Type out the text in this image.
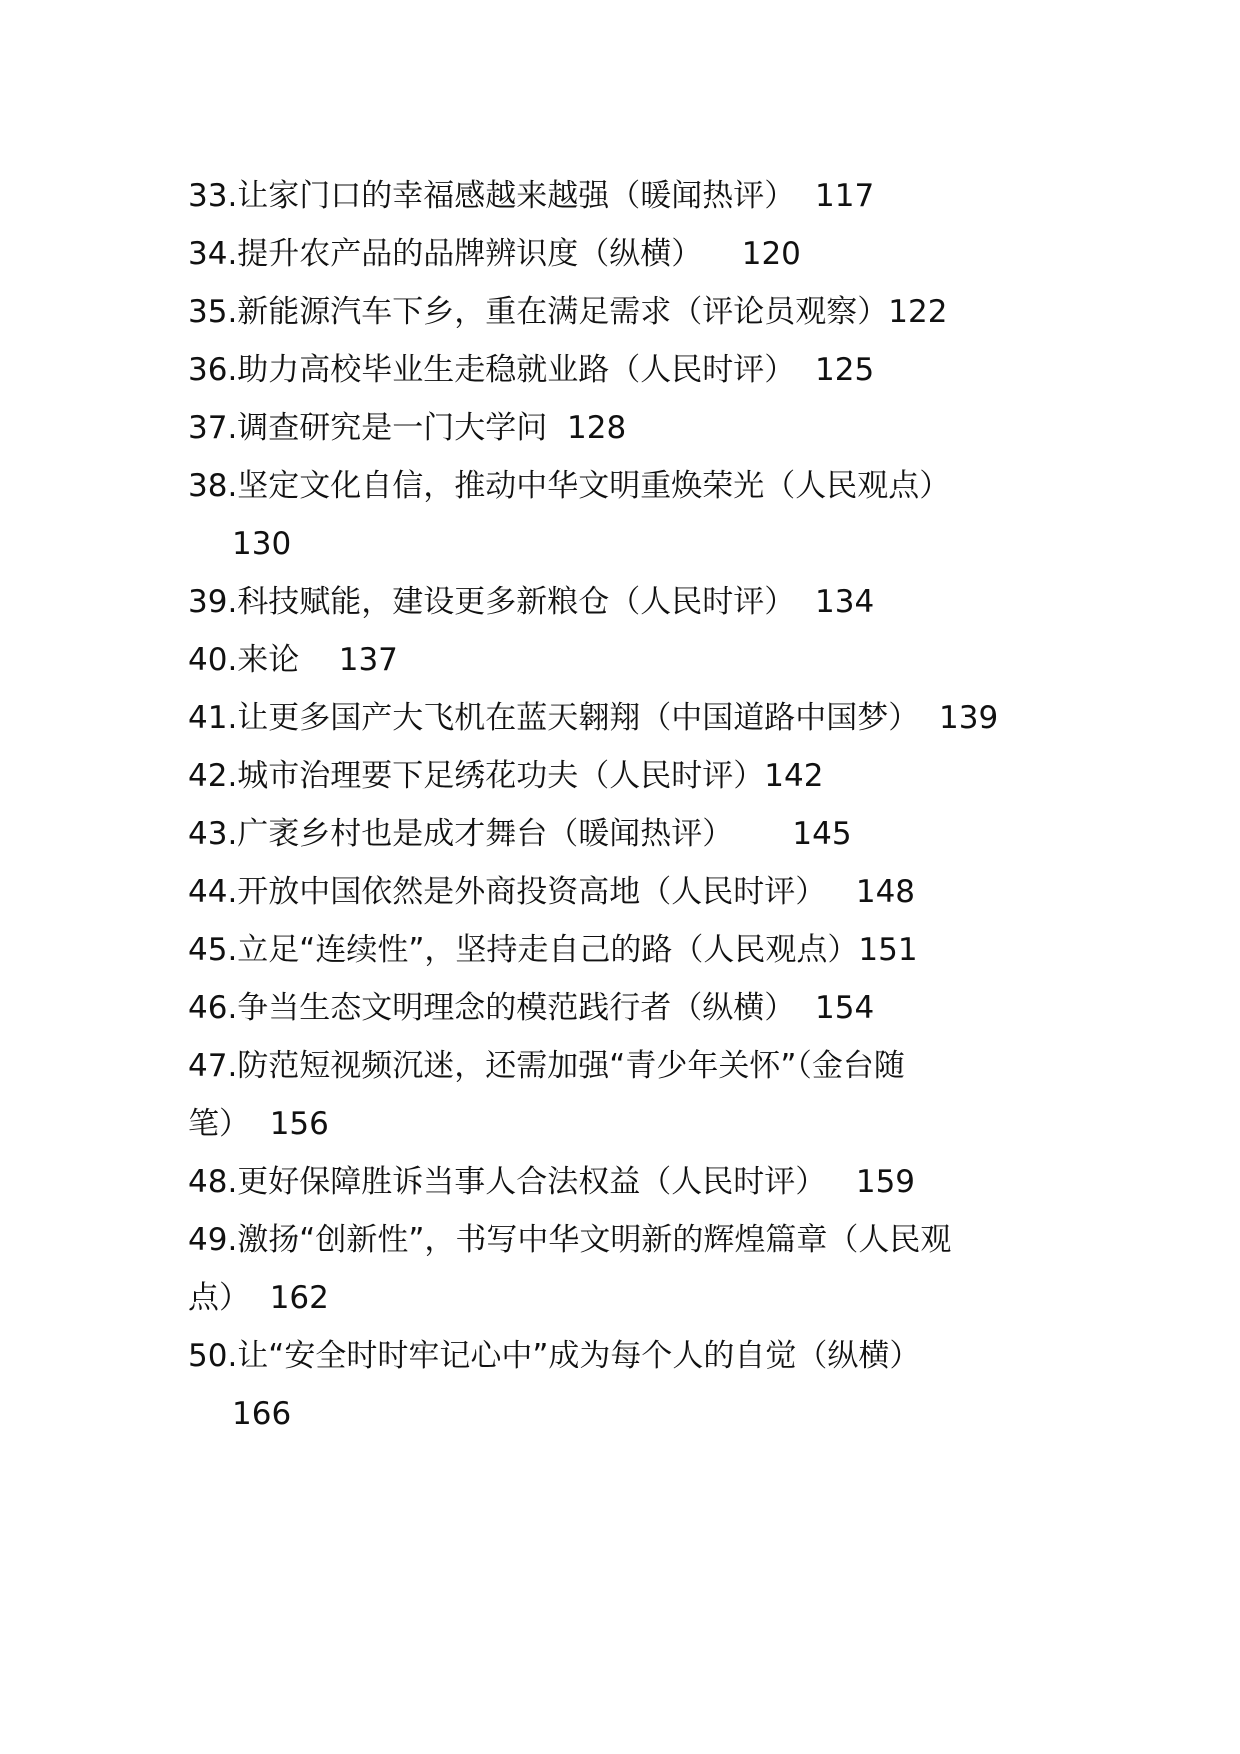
33.让家门口的幸福感越来越强（暖闻热评）  117
34.提升农产品的品牌辨识度（纵横）    120
35.新能源汽车下乡，重在满足需求（评论员观察）122
36.助力高校毕业生走稳就业路（人民时评）  125
37.调查研究是一门大学问  128
38.坚定文化自信，推动中华文明重焕荣光（人民观点）
130
39.科技赋能，建设更多新粮仓（人民时评）  134
40.来论    137
41.让更多国产大飞机在蓝天翱翔（中国道路中国梦）  139
42.城市治理要下足绣花功夫（人民时评）142
43.广袤乡村也是成才舞台（暖闻热评）      145
44.开放中国依然是外商投资高地（人民时评）   148
45.立足“连续性”，坚持走自己的路（人民观点）151
46.争当生态文明理念的模范践行者（纵横）  154
47.防范短视频沉迷，还需加强“青少年关怀”（金台随
笔）  156
48.更好保障胜诉当事人合法权益（人民时评）   159
49.激扬“创新性”，书写中华文明新的辉煌篇章（人民观
点）  162
50.让“安全时时牢记心中”成为每个人的自觉（纵横）
166
